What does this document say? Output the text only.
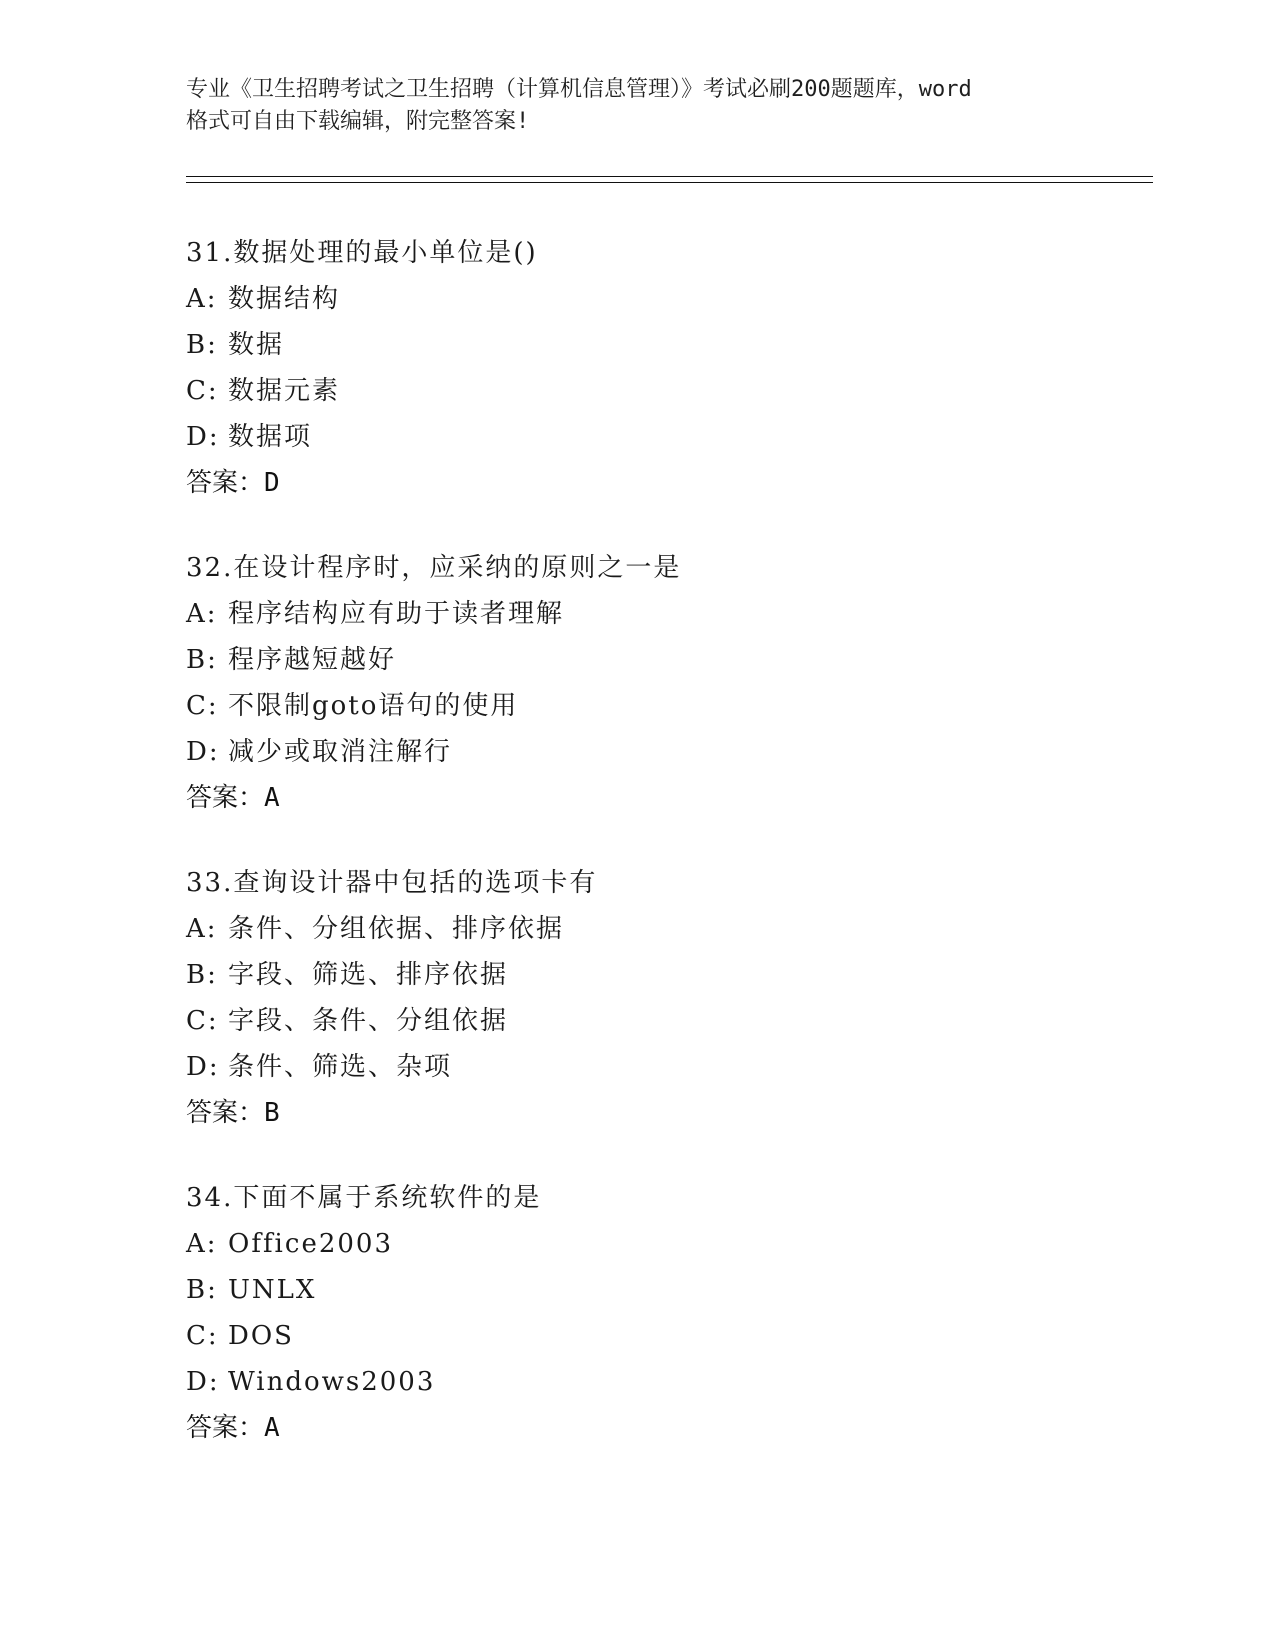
专业《卫生招聘考试之卫生招聘（计算机信息管理）》考试必刷200题题库，word
格式可自由下载编辑，附完整答案!
31.数据处理的最小单位是()
A: 数据结构
B: 数据
C: 数据元素
D: 数据项
答案：D
32.在设计程序时，应采纳的原则之一是
A: 程序结构应有助于读者理解
B: 程序越短越好
C: 不限制goto语句的使用
D: 减少或取消注解行
答案：A
33.查询设计器中包括的选项卡有
A: 条件、分组依据、排序依据
B: 字段、筛选、排序依据
C: 字段、条件、分组依据
D: 条件、筛选、杂项
答案：B
34.下面不属于系统软件的是
A: Office2003
B: UNLX
C: DOS
D: Windows2003
答案：A
